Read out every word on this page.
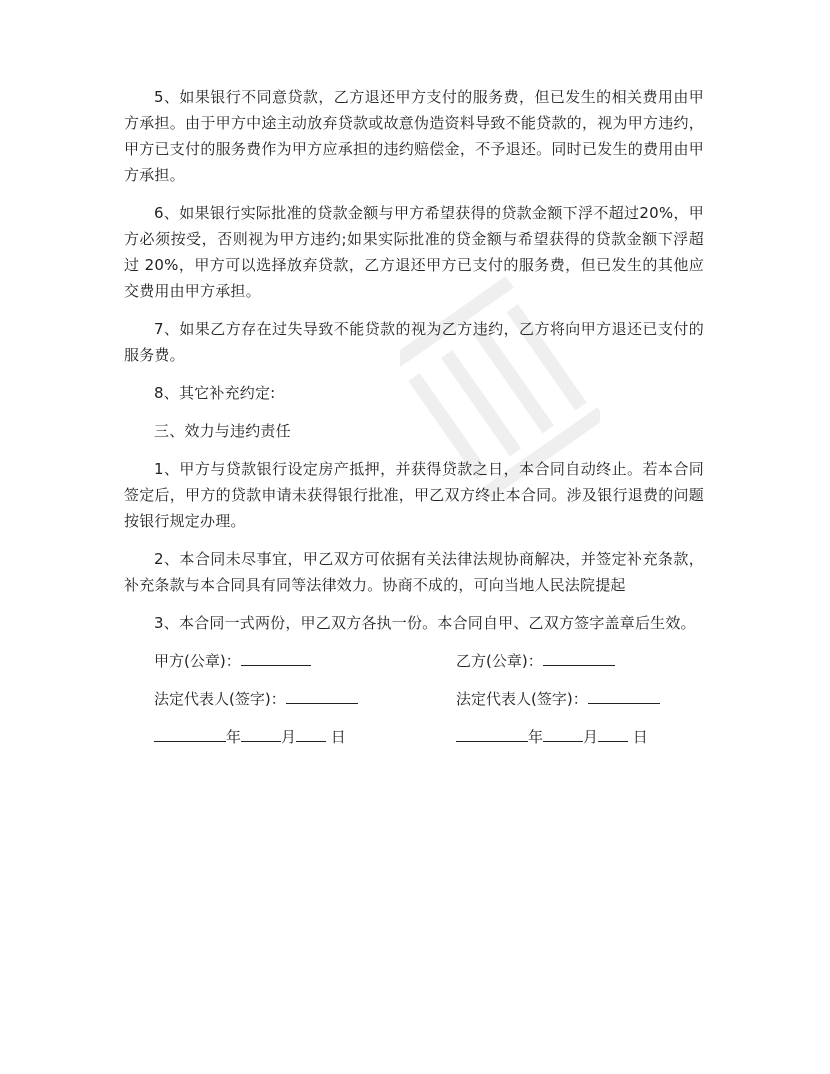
5、如果银行不同意贷款，乙方退还甲方支付的服务费，但已发生的相关费用由甲方承担。由于甲方中途主动放弃贷款或故意伪造资料导致不能贷款的，视为甲方违约，甲方已支付的服务费作为甲方应承担的违约赔偿金，不予退还。同时已发生的费用由甲方承担。

6、如果银行实际批准的贷款金额与甲方希望获得的贷款金额下浮不超过20%，甲方必须按受，否则视为甲方违约;如果实际批准的贷金额与希望获得的贷款金额下浮超过 20%，甲方可以选择放弃贷款，乙方退还甲方已支付的服务费，但已发生的其他应交费用由甲方承担。

7、如果乙方存在过失导致不能贷款的视为乙方违约，乙方将向甲方退还已支付的服务费。

8、其它补充约定:

三、效力与违约责任

1、甲方与贷款银行设定房产抵押，并获得贷款之日，本合同自动终止。若本合同签定后，甲方的贷款申请未获得银行批准，甲乙双方终止本合同。涉及银行退费的问题按银行规定办理。

2、本合同未尽事宜，甲乙双方可依据有关法律法规协商解决，并签定补充条款，补充条款与本合同具有同等法律效力。协商不成的，可向当地人民法院提起

3、本合同一式两份，甲乙双方各执一份。本合同自甲、乙双方签字盖章后生效。

甲方(公章)：	乙方(公章)：
法定代表人(签字)：	法定代表人(签字)：
年	月 日	年	月 日
